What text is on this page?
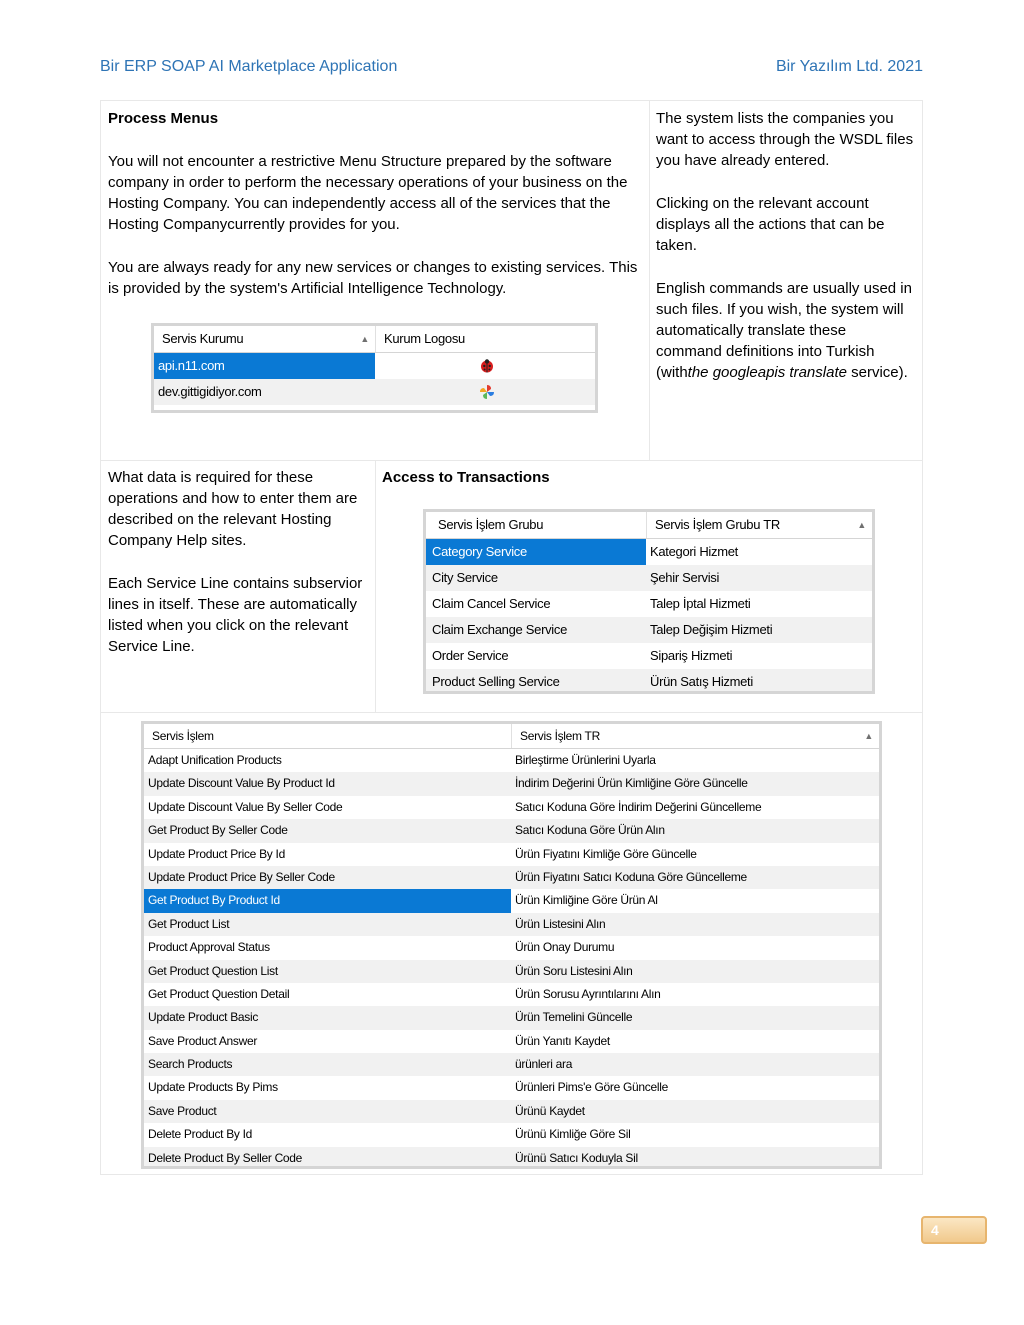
Bir ERP SOAP AI Marketplace Application	Bir Yazılım Ltd. 2021

Process Menus

You will not encounter a restrictive Menu Structure prepared by the software company in order to perform the necessary operations of your business on the Hosting Company. You can independently access all of the services that the Hosting Companycurrently provides for you.

You are always ready for any new services or changes to existing services. This is provided by the system's Artificial Intelligence Technology.

The system lists the companies you want to access through the WSDL files you have already entered.

Clicking on the relevant account displays all the actions that can be taken.

English commands are usually used in such files. If you wish, the system will automatically translate these command definitions into Turkish (withthe googleapis translate service).

What data is required for these operations and how to enter them are described on the relevant Hosting Company Help sites.

Each Service Line contains subservior lines in itself. These are automatically listed when you click on the relevant Service Line.

Access to Transactions

Servis Kurumu	▲	Kurum Logosu
api.n11.com
dev.gittigidiyor.com
Servis İşlem Grubu	Servis İşlem Grubu TR	▲
Category Service	Kategori Hizmet
City Service	Şehir Servisi
Claim Cancel Service	Talep İptal Hizmeti
Claim Exchange Service	Talep Değişim Hizmeti
Order Service	Sipariş Hizmeti
Product Selling Service	Ürün Satış Hizmeti
Servis İşlem	Servis İşlem TR	▲
Adapt Unification Products	Birleştirme Ürünlerini Uyarla
Update Discount Value By Product Id	İndirim Değerini Ürün Kimliğine Göre Güncelle
Update Discount Value By Seller Code	Satıcı Koduna Göre İndirim Değerini Güncelleme
Get Product By Seller Code	Satıcı Koduna Göre Ürün Alın
Update Product Price By Id	Ürün Fiyatını Kimliğe Göre Güncelle
Update Product Price By Seller Code	Ürün Fiyatını Satıcı Koduna Göre Güncelleme
Get Product By Product Id	Ürün Kimliğine Göre Ürün Al
Get Product List	Ürün Listesini Alın
Product Approval Status	Ürün Onay Durumu
Get Product Question List	Ürün Soru Listesini Alın
Get Product Question Detail	Ürün Sorusu Ayrıntılarını Alın
Update Product Basic	Ürün Temelini Güncelle
Save Product Answer	Ürün Yanıtı Kaydet
Search Products	ürünleri ara
Update Products By Pims	Ürünleri Pims'e Göre Güncelle
Save Product	Ürünü Kaydet
Delete Product By Id	Ürünü Kimliğe Göre Sil
Delete Product By Seller Code	Ürünü Satıcı Koduyla Sil
4
